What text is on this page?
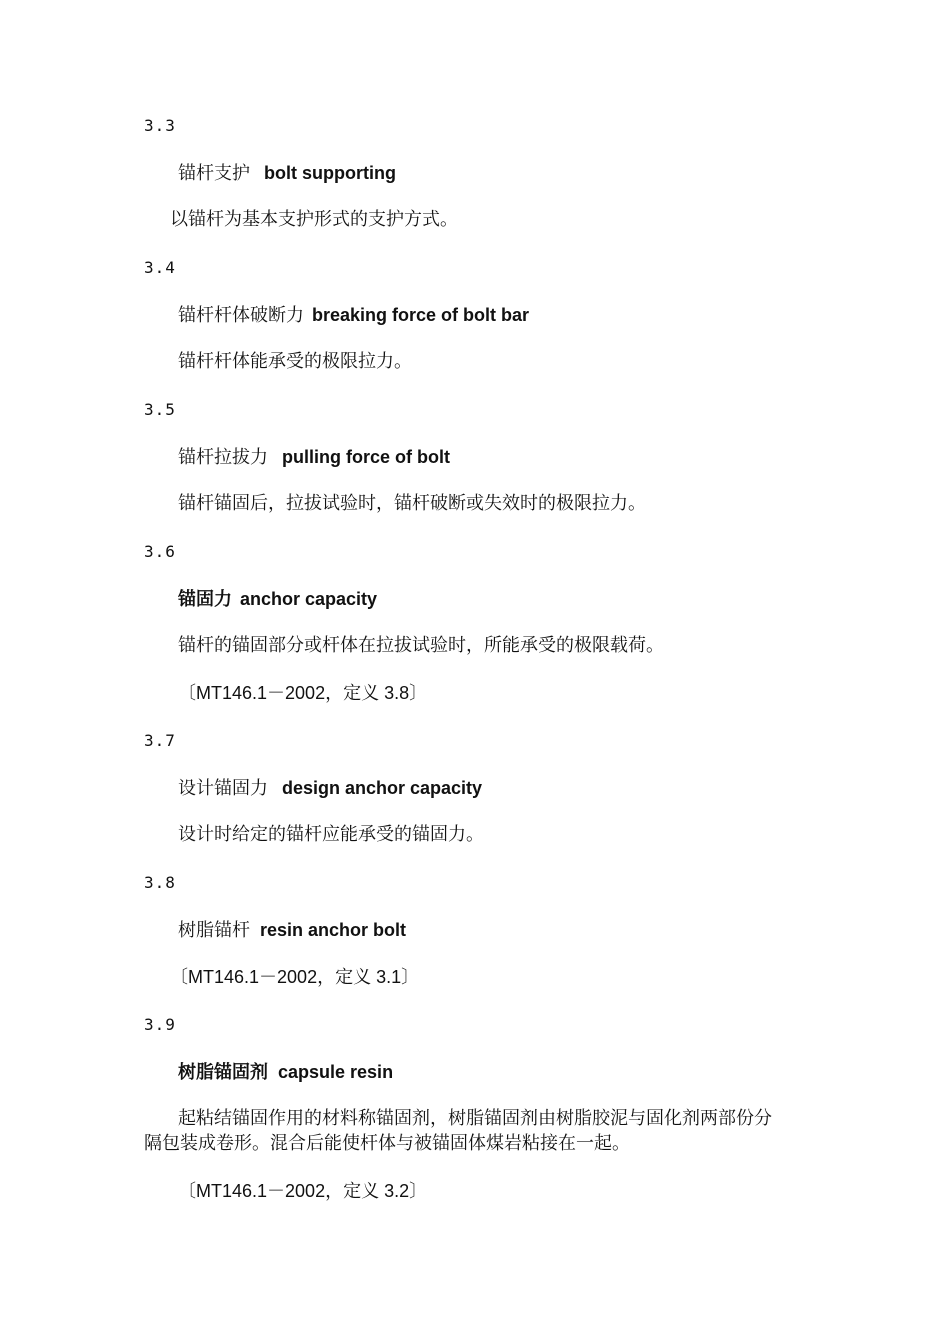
3.3
锚杆支护 bolt supporting
以锚杆为基本支护形式的支护方式。
3.4
锚杆杆体破断力 breaking force of bolt bar
锚杆杆体能承受的极限拉力。
3.5
锚杆拉拔力 pulling force of bolt
锚杆锚固后，拉拔试验时，锚杆破断或失效时的极限拉力。
3.6
锚固力 anchor capacity
锚杆的锚固部分或杆体在拉拔试验时，所能承受的极限载荷。
〔MT146.1－2002，定义 3.8〕
3.7
设计锚固力 design anchor capacity
设计时给定的锚杆应能承受的锚固力。
3.8
树脂锚杆 resin anchor bolt
〔MT146.1－2002，定义 3.1〕
3.9
树脂锚固剂 capsule resin
起粘结锚固作用的材料称锚固剂，树脂锚固剂由树脂胶泥与固化剂两部份分
隔包装成卷形。混合后能使杆体与被锚固体煤岩粘接在一起。
〔MT146.1－2002，定义 3.2〕
